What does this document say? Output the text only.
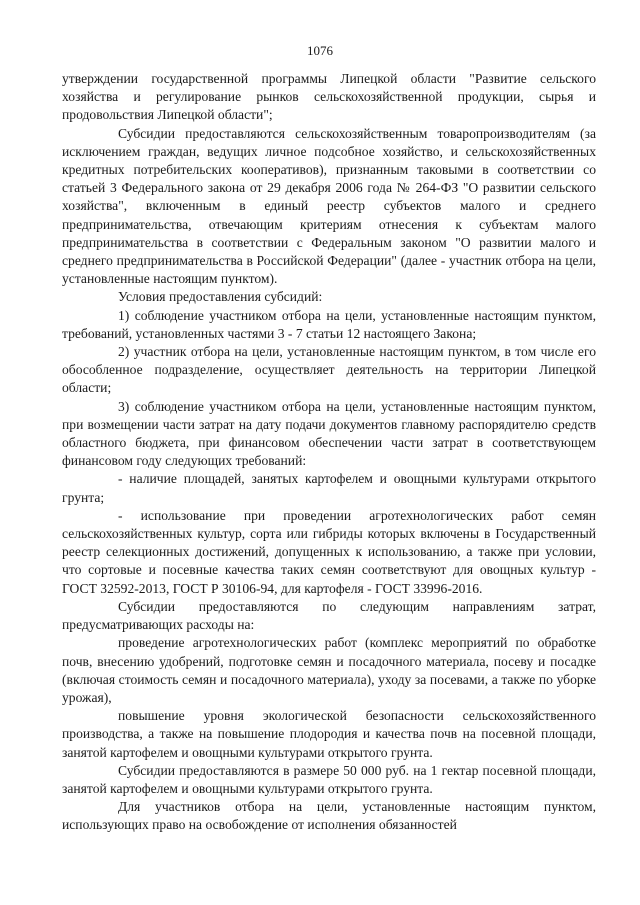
1076

утверждении государственной программы Липецкой области "Развитие сельского хозяйства и регулирование рынков сельскохозяйственной продукции, сырья и продовольствия Липецкой области";

Субсидии предоставляются сельскохозяйственным товаропроизводителям (за исключением граждан, ведущих личное подсобное хозяйство, и сельскохозяйственных кредитных потребительских кооперативов), признанным таковыми в соответствии со статьей 3 Федерального закона от 29 декабря 2006 года № 264-ФЗ "О развитии сельского хозяйства", включенным в единый реестр субъектов малого и среднего предпринимательства, отвечающим критериям отнесения к субъектам малого предпринимательства в соответствии с Федеральным законом "О развитии малого и среднего предпринимательства в Российской Федерации" (далее - участник отбора на цели, установленные настоящим пунктом).

Условия предоставления субсидий:

1) соблюдение участником отбора на цели, установленные настоящим пунктом, требований, установленных частями 3 - 7 статьи 12 настоящего Закона;

2) участник отбора на цели, установленные настоящим пунктом, в том числе его обособленное подразделение, осуществляет деятельность на территории Липецкой области;

3) соблюдение участником отбора на цели, установленные настоящим пунктом, при возмещении части затрат на дату подачи документов главному распорядителю средств областного бюджета, при финансовом обеспечении части затрат в соответствующем финансовом году следующих требований:

- наличие площадей, занятых картофелем и овощными культурами открытого грунта;

- использование при проведении агротехнологических работ семян сельскохозяйственных культур, сорта или гибриды которых включены в Государственный реестр селекционных достижений, допущенных к использованию, а также при условии, что сортовые и посевные качества таких семян соответствуют для овощных культур - ГОСТ 32592-2013, ГОСТ Р 30106-94, для картофеля - ГОСТ 33996-2016.

Субсидии предоставляются по следующим направлениям затрат, предусматривающих расходы на:

проведение агротехнологических работ (комплекс мероприятий по обработке почв, внесению удобрений, подготовке семян и посадочного материала, посеву и посадке (включая стоимость семян и посадочного материала), уходу за посевами, а также по уборке урожая),

повышение уровня экологической безопасности сельскохозяйственного производства, а также на повышение плодородия и качества почв на посевной площади, занятой картофелем и овощными культурами открытого грунта.

Субсидии предоставляются в размере 50 000 руб. на 1 гектар посевной площади, занятой картофелем и овощными культурами открытого грунта.

Для участников отбора на цели, установленные настоящим пунктом, использующих право на освобождение от исполнения обязанностей
